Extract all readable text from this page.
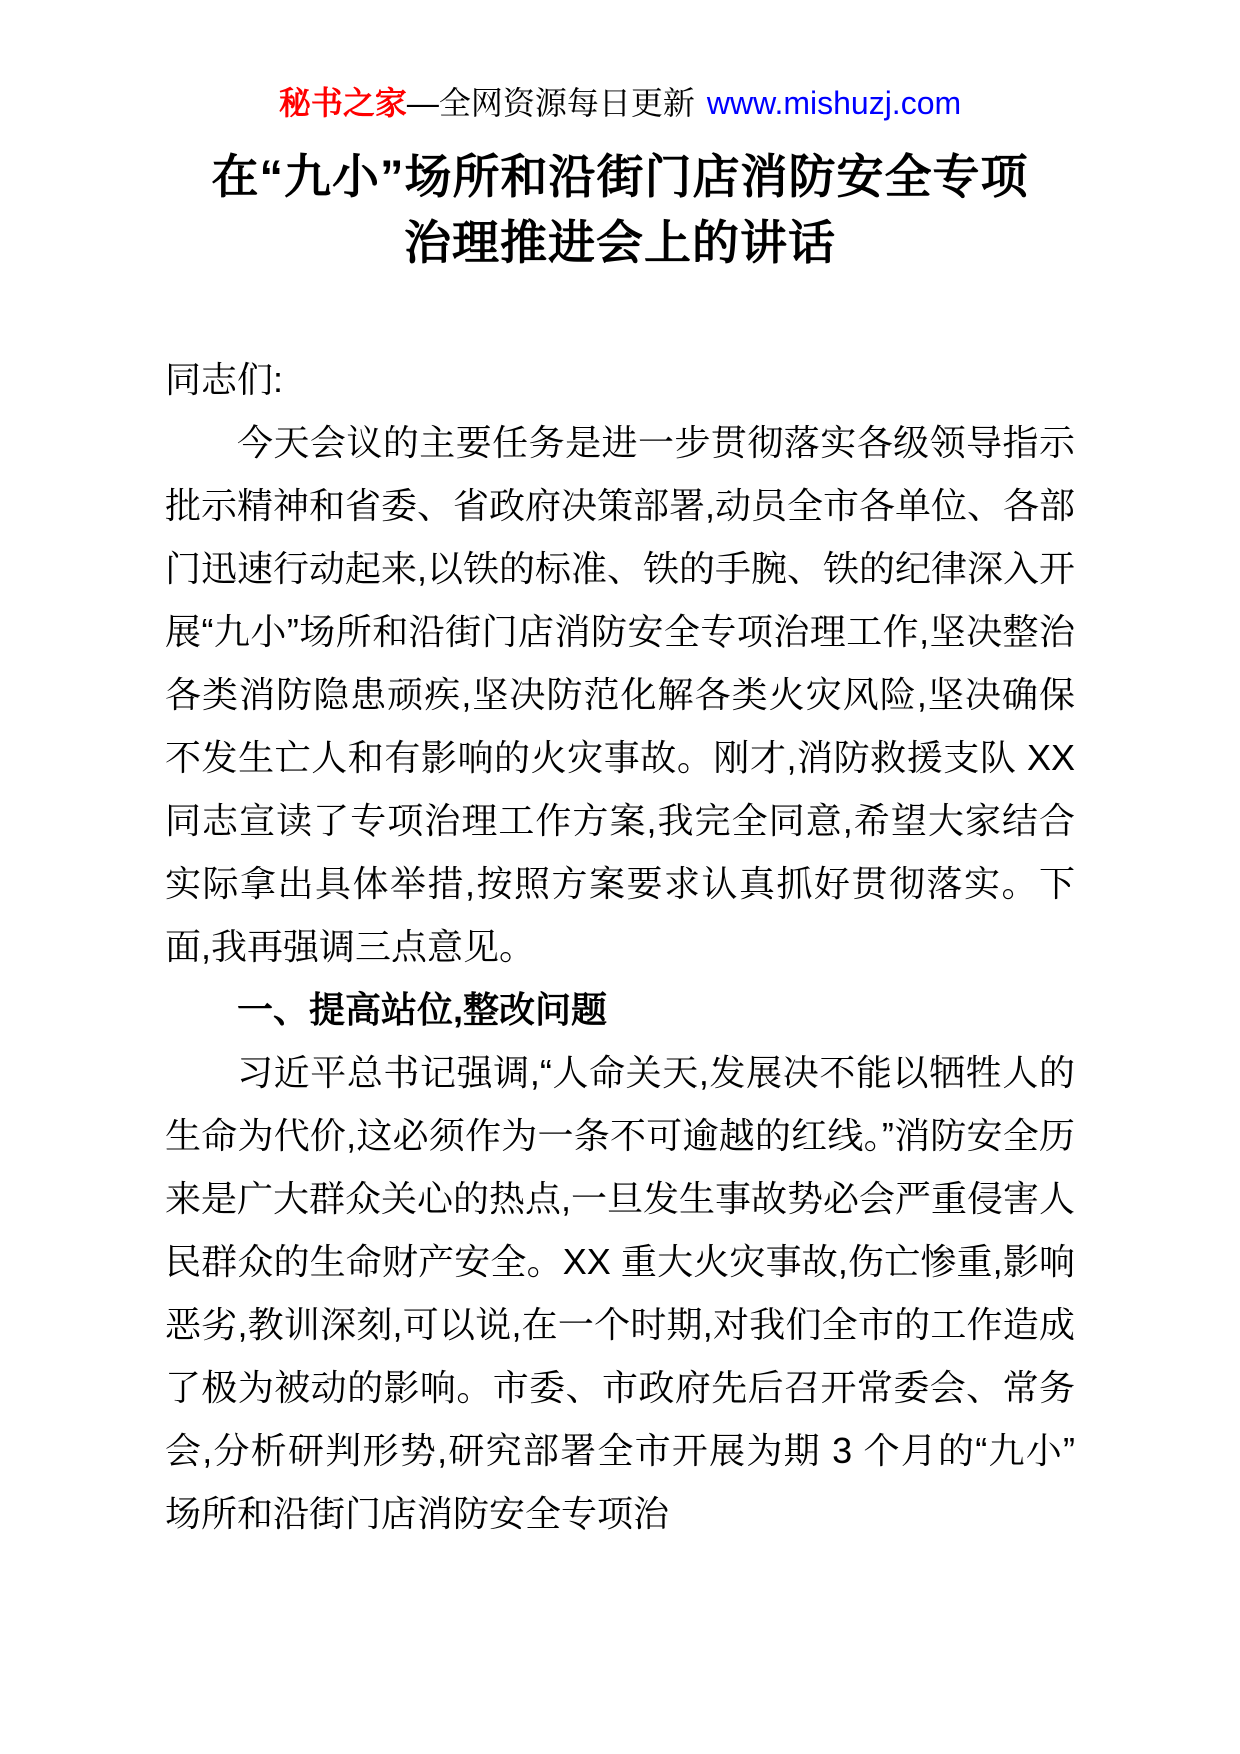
秘书之家—全网资源每日更新 www.mishuzj.com
在“九小”场所和沿街门店消防安全专项
治理推进会上的讲话

同志们:

今天会议的主要任务是进一步贯彻落实各级领导指示批示精神和省委、省政府决策部署,动员全市各单位、各部门迅速行动起来,以铁的标准、铁的手腕、铁的纪律深入开展“九小”场所和沿街门店消防安全专项治理工作,坚决整治各类消防隐患顽疾,坚决防范化解各类火灾风险,坚决确保不发生亡人和有影响的火灾事故。刚才,消防救援支队 XX 同志宣读了专项治理工作方案,我完全同意,希望大家结合实际拿出具体举措,按照方案要求认真抓好贯彻落实。下面,我再强调三点意见。

一、提高站位,整改问题

习近平总书记强调,“人命关天,发展决不能以牺牲人的生命为代价,这必须作为一条不可逾越的红线。”消防安全历来是广大群众关心的热点,一旦发生事故势必会严重侵害人民群众的生命财产安全。XX 重大火灾事故,伤亡惨重,影响恶劣,教训深刻,可以说,在一个时期,对我们全市的工作造成了极为被动的影响。市委、市政府先后召开常委会、常务会,分析研判形势,研究部署全市开展为期 3 个月的“九小”场所和沿街门店消防安全专项治
